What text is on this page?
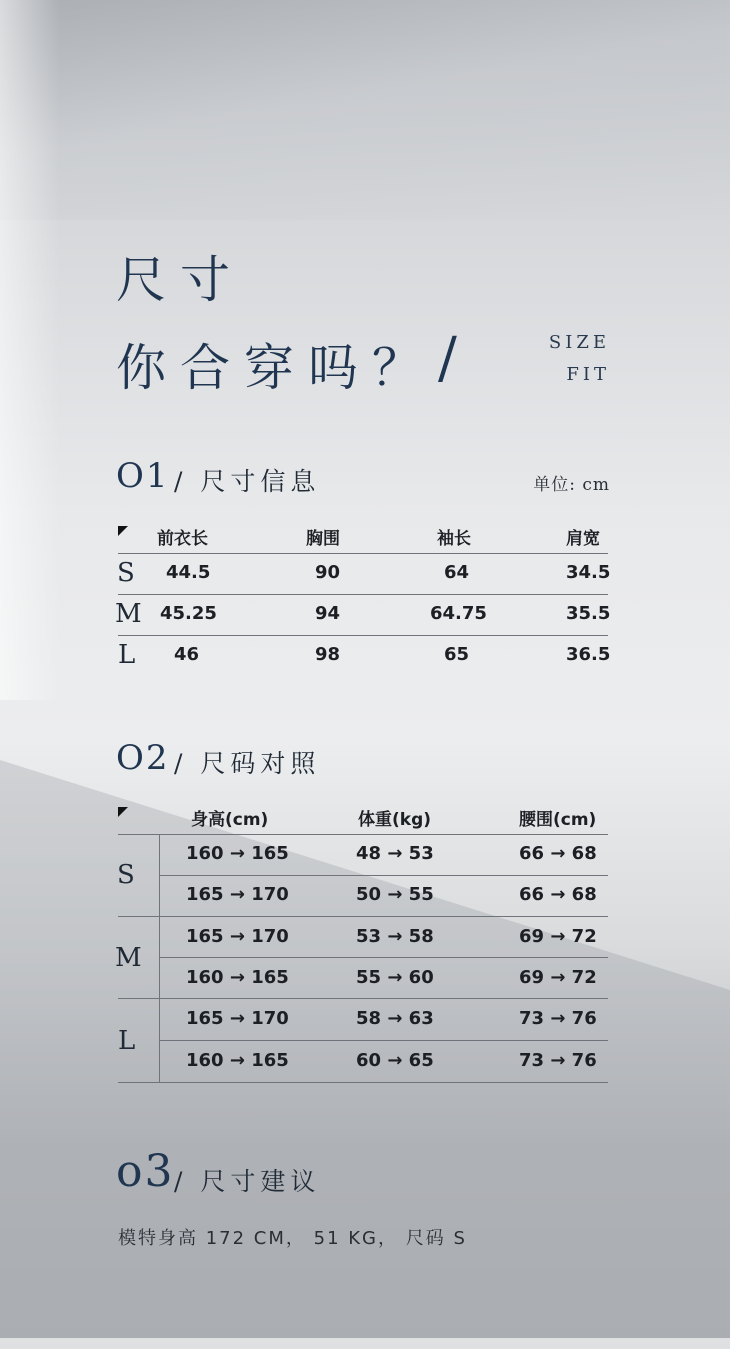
尺寸
你合穿吗？ /	SIZE
FIT
O1 / 尺寸信息	单位: cm
前衣长	胸围	袖长	肩宽
S 44.5	90	64	34.5
M 45.25	94	64.75	35.5
L 46	98	65	36.5
O2 / 尺码对照
身高(cm)	体重(kg)	腰围(cm)
S
160 → 165	48 → 53	66 → 68
165 → 170	50 → 55	66 → 68
M
165 → 170	53 → 58	69 → 72
160 → 165	55 → 60	69 → 72
L
165 → 170	58 → 63	73 → 76
160 → 165	60 → 65	73 → 76
o3 / 尺寸建议
模特身高 172 CM， 51 KG， 尺码 S
